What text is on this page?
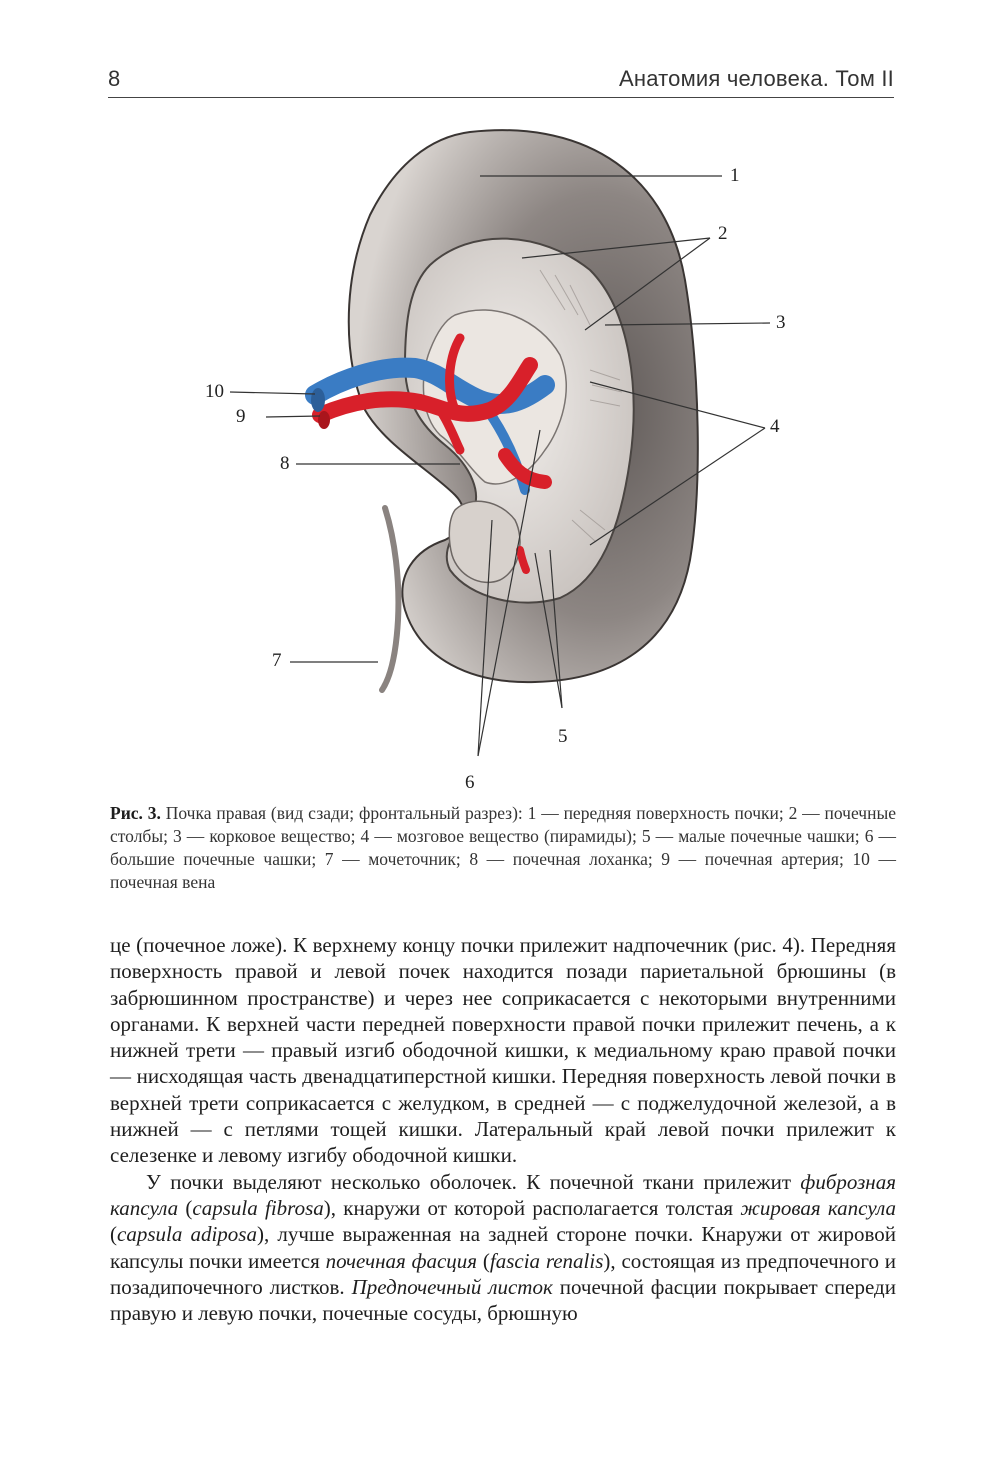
8	Анатомия человека. Том II
1
2
3
4
5
6
7
8
9
10
Рис. 3. Почка правая (вид сзади; фронтальный разрез): 1 — передняя поверхность почки; 2 — почечные столбы; 3 — корковое вещество; 4 — мозговое вещество (пирамиды); 5 — малые почечные чашки; 6 — большие почечные чашки; 7 — мочеточник; 8 — почечная лоханка; 9 — почечная артерия; 10 — почечная вена

це (почечное ложе). К верхнему концу почки прилежит надпочечник (рис. 4). Передняя поверхность правой и левой почек находится позади париетальной брюшины (в забрюшинном пространстве) и через нее соприкасается с некоторыми внутренними органами. К верхней части передней поверхности правой почки прилежит печень, а к нижней трети — правый изгиб ободочной кишки, к медиальному краю правой почки — нисходящая часть двенадцатиперстной кишки. Передняя поверхность левой почки в верхней трети соприкасается с желудком, в средней — с поджелудочной железой, а в нижней — с петлями тощей кишки. Латеральный край левой почки прилежит к селезенке и левому изгибу ободочной кишки.

У почки выделяют несколько оболочек. К почечной ткани прилежит фиброзная капсула (capsula fibrosa), кнаружи от которой располагается толстая жировая капсула (capsula adiposa), лучше выраженная на задней стороне почки. Кнаружи от жировой капсулы почки имеется почечная фасция (fascia renalis), состоящая из предпочечного и позадипочечного листков. Предпочечный листок почечной фасции покрывает спереди правую и левую почки, почечные сосуды, брюшную
